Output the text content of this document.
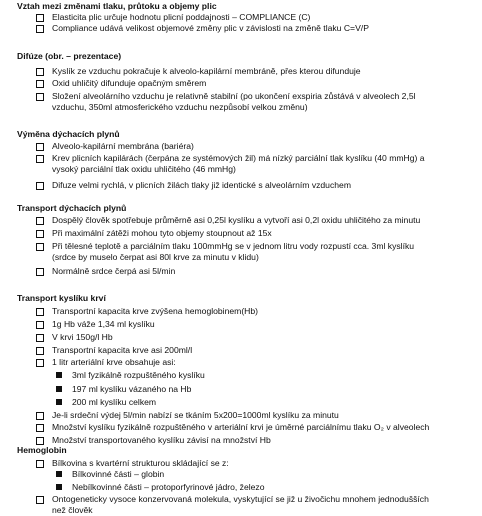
Vztah mezi změnami tlaku, průtoku a objemy plic
Elasticita plic určuje hodnotu plicní poddajnosti – COMPLIANCE (C)
Compliance udává velikost objemové změny plic v závislosti na změně tlaku C=V/P
Difúze (obr. – prezentace)
Kyslík ze vzduchu pokračuje k alveolo-kapilární membráně, přes kterou difunduje
Oxid uhličitý difunduje opačným směrem
Složení alveolárního vzduchu je relativně stabilní (po ukončení exspiria zůstává v alveolech 2,5l
vzduchu, 350ml atmosferického vzduchu nezpůsobí velkou změnu)
Výměna dýchacích plynů
Alveolo-kapilární membrána (bariéra)
Krev plicních kapilárách (čerpána ze systémových žil) má nízký parciální tlak kyslíku (40 mmHg) a
vysoký parciální tlak oxidu uhličitého (46 mmHg)
Difuze velmi rychlá, v plicních žilách tlaky již identické s alveolárním vzduchem
Transport dýchacích plynů
Dospělý člověk spotřebuje průměrně asi 0,25l kyslíku a vytvoří asi 0,2l oxidu uhličitého za minutu
Při maximální zátěži mohou tyto objemy stoupnout až 15x
Při tělesné teplotě a parciálním tlaku 100mmHg se v jednom litru vody rozpustí cca. 3ml kyslíku
(srdce by muselo čerpat asi 80l krve za minutu v klidu)
Normálně srdce čerpá asi 5l/min
Transport kyslíku krví
Transportní kapacita krve zvýšena hemoglobinem(Hb)
1g Hb váže 1,34 ml kyslíku
V krvi 150g/l Hb
Transportní kapacita krve asi 200ml/l
1 litr arteriální krve obsahuje asi:
3ml fyzikálně rozpuštěného kyslíku
197 ml kyslíku vázaného na Hb
200 ml kyslíku celkem
Je-li srdeční výdej 5l/min nabízí se tkáním 5x200=1000ml kyslíku za minutu
Množství kyslíku fyzikálně rozpuštěného v arteriální krvi je úměrné parciálnímu tlaku O₂ v alveolech
Množství transportovaného kyslíku závisí na množství Hb
Hemoglobin
Bílkovina s kvartérní strukturou skládající se z:
Bílkovinné části – globin
Nebílkovinné části – protoporfyrinové jádro, železo
Ontogeneticky vysoce konzervovaná molekula, vyskytující se již u živočichu mnohem jednodušších
než člověk
